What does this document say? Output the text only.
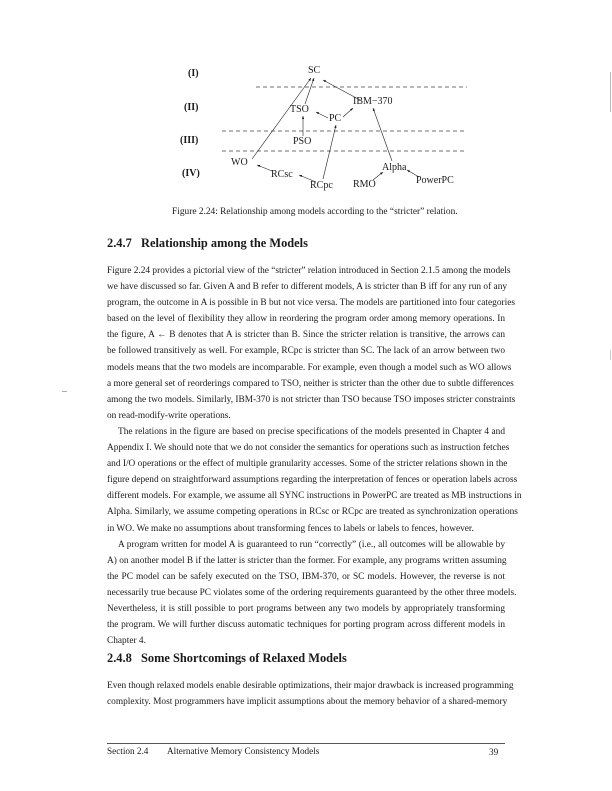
(I)
(II)
(III)
(IV)
SC
TSO
IBM−370
PC
PSO
WO
RCsc
RCpc RMO
Alpha
PowerPC
Figure 2.24: Relationship among models according to the “stricter” relation.
2.4.7 Relationship among the Models
Figure 2.24 provides a pictorial view of the “stricter” relation introduced in Section 2.1.5 among the models
we have discussed so far. Given A and B refer to different models, A is stricter than B iff for any run of any
program, the outcome in A is possible in B but not vice versa. The models are partitioned into four categories
based on the level of flexibility they allow in reordering the program order among memory operations. In
the figure, A ← B denotes that A is stricter than B. Since the stricter relation is transitive, the arrows can
be followed transitively as well. For example, RCpc is stricter than SC. The lack of an arrow between two
models means that the two models are incomparable. For example, even though a model such as WO allows
a more general set of reorderings compared to TSO, neither is stricter than the other due to subtle differences
among the two models. Similarly, IBM-370 is not stricter than TSO because TSO imposes stricter constraints
on read-modify-write operations.
The relations in the figure are based on precise specifications of the models presented in Chapter 4 and
Appendix I. We should note that we do not consider the semantics for operations such as instruction fetches
and I/O operations or the effect of multiple granularity accesses. Some of the stricter relations shown in the
figure depend on straightforward assumptions regarding the interpretation of fences or operation labels across
different models. For example, we assume all SYNC instructions in PowerPC are treated as MB instructions in
Alpha. Similarly, we assume competing operations in RCsc or RCpc are treated as synchronization operations
in WO. We make no assumptions about transforming fences to labels or labels to fences, however.
A program written for model A is guaranteed to run “correctly” (i.e., all outcomes will be allowable by
A) on another model B if the latter is stricter than the former. For example, any programs written assuming
the PC model can be safely executed on the TSO, IBM-370, or SC models. However, the reverse is not
necessarily true because PC violates some of the ordering requirements guaranteed by the other three models.
Nevertheless, it is still possible to port programs between any two models by appropriately transforming
the program. We will further discuss automatic techniques for porting program across different models in
Chapter 4.
2.4.8 Some Shortcomings of Relaxed Models
Even though relaxed models enable desirable optimizations, their major drawback is increased programming
complexity. Most programmers have implicit assumptions about the memory behavior of a shared-memory
Section 2.4 Alternative Memory Consistency Models	39
